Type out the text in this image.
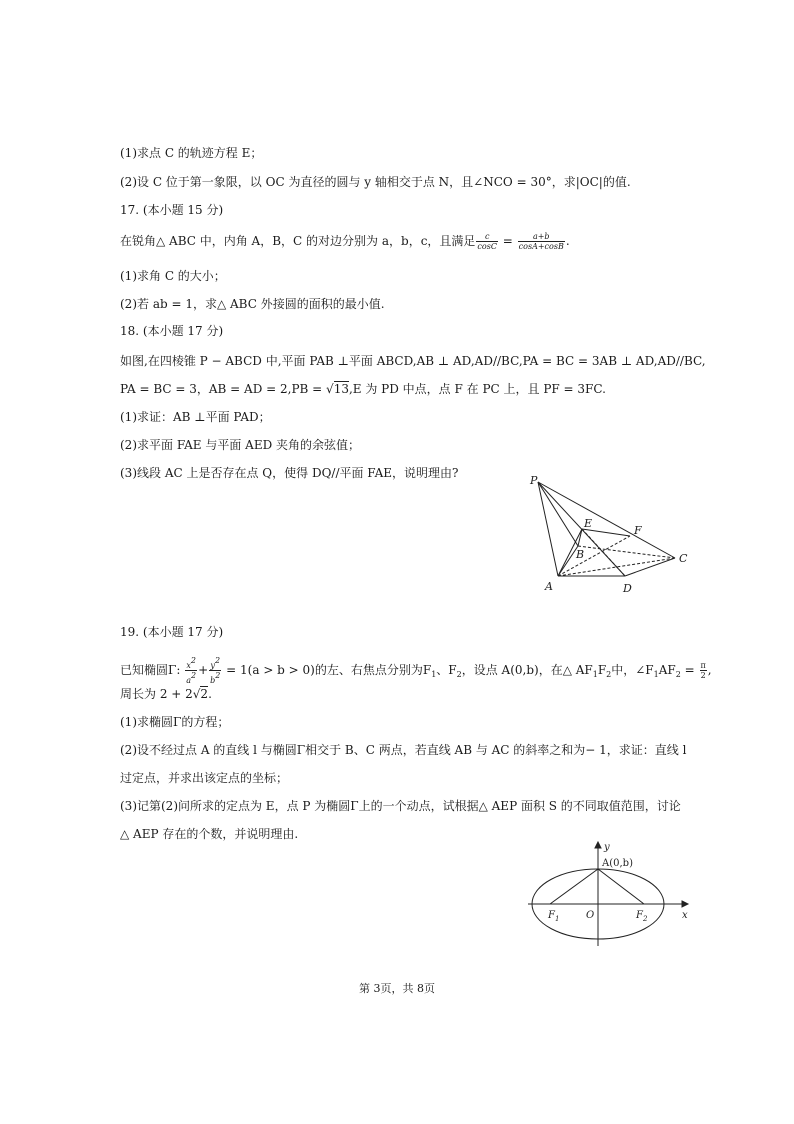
(1)求点 C 的轨迹方程 E；
(2)设 C 位于第一象限，以 OC 为直径的圆与 y 轴相交于点 N，且∠NCO = 30°，求|OC|的值.
17. (本小题 15 分)
在锐角△ ABC 中，内角 A，B，C 的对边分别为 a，b，c，且满足 $\frac{c}{\cos C} = \frac{a+b}{\cos A+\cos B}$ .
(1)求角 C 的大小；
(2)若 ab = 1，求△ ABC 外接圆的面积的最小值.
18. (本小题 17 分)
如图,在四棱锥 P − ABCD 中,平面 PAB ⊥平面 ABCD,AB ⊥ AD,AD//BC,PA = BC = 3AB ⊥ AD,AD//BC,
PA = BC = 3，AB = AD = 2,PB = √13,E 为 PD 中点，点 F 在 PC 上，且 PF = 3FC.
(1)求证：AB ⊥平面 PAD；
(2)求平面 FAE 与平面 AED 夹角的余弦值；
(3)线段 AC 上是否存在点 Q，使得 DQ//平面 FAE，说明理由?
P
E
F
B	C
A	D
19. (本小题 17 分)
已知椭圆Γ: $\frac{x2}{a2} + \frac{y2}{b2} = 1(a > b > 0)$的左、右焦点分别为$F_1$、$F_2$，设点 A(0,b)，在△ $AF_1F_2$中，$\angle F_1AF_2 = \frac{\pi}{2}$ ,
周长为 2 + 2√2.
(1)求椭圆Γ的方程；
(2)设不经过点 A 的直线 l 与椭圆Γ相交于 B、C 两点，若直线 AB 与 AC 的斜率之和为− 1，求证：直线 l
过定点，并求出该定点的坐标；
(3)记第(2)问所求的定点为 E，点 P 为椭圆Γ上的一个动点，试根据△ AEP 面积 S 的不同取值范围，讨论
△ AEP 存在的个数，并说明理由.
y
A(0,b)
$F_1$	O	$F_2$	x
第 3页，共 8页
